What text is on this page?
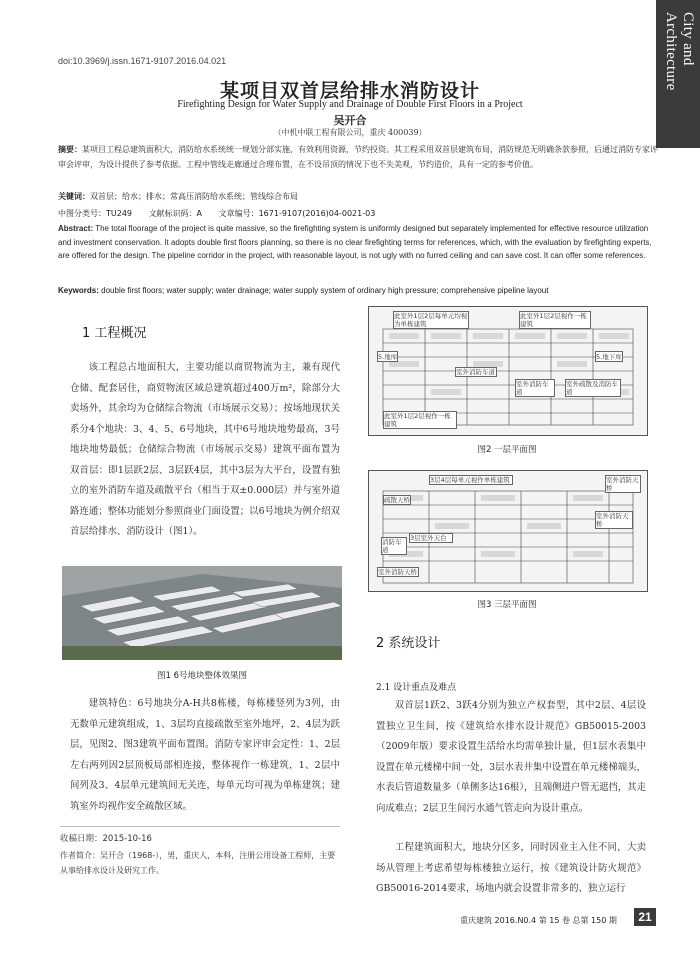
doi:10.3969/j.issn.1671-9107.2016.04.021	City and Architecture
某项目双首层给排水消防设计
Firefighting Design for Water Supply and Drainage of Double First Floors in a Project
吴开合
（中机中联工程有限公司，重庆 400039）
摘要：某项目工程总建筑面积大，消防给水系统统一规划分部实施，有效利用资源，节约投资。其工程采用双首层建筑布局，消防规范无明确条款参照，后通过消防专家评审会评审，为设计提供了参考依据。工程中管线走廊通过合理布置，在不设吊顶的情况下也不失美观，节约造价，具有一定的参考价值。
关键词：双首层；给水；排水；常高压消防给水系统；管线综合布局
中图分类号：TU249 文献标识码：A 文章编号：1671-9107(2016)04-0021-03
Abstract: The total floorage of the project is quite massive, so the firefighting system is uniformly designed but separately implemented for effective resource utilization and investment conservation. It adopts double first floors planning, so there is no clear firefighting terms for references, which, with the evaluation by firefighting experts, are offered for the design. The pipeline corridor in the project, with reasonable layout, is not ugly with no furred ceiling and can save cost. It can offer some references.
Keywords: double first floors; water supply; water drainage; water supply system of ordinary high pressure; comprehensive pipeline layout
1 工程概况

该工程总占地面积大，主要功能以商贸物流为主，兼有现代仓储、配套居住，商贸物流区域总建筑超过400万m²，除部分大卖场外，其余均为仓储综合物流（市场展示交易）；按场地现状关系分4个地块：3、4、5、6号地块，其中6号地块地势最高，3号地块地势最低；仓储综合物流（市场展示交易）建筑平面布置为双首层：即1层跃2层、3层跃4层，其中3层为大平台，设置有独立的室外消防车道及疏散平台（相当于双±0.000层）并与室外道路连通；整体功能划分参照商业门面设置；以6号地块为例介绍双首层给排水、消防设计（图1）。

图1 6号地块整体效果图

建筑特色：6号地块分A-H共8栋楼，每栋楼竖列为3列，由无数单元建筑组成，1、3层均直接疏散至室外地坪，2、4层为跃层，见图2、图3建筑平面布置图。消防专家评审会定性：1、2层左右两列因2层顶板局部相连接，整体视作一栋建筑，1、2层中间列及3、4层单元建筑间无关连，每单元均可视为单栋建筑；建筑室外均视作安全疏散区域。

收稿日期：2015-10-16
作者简介：吴开合（1968-），男，重庆人，本科，注册公用设备工程师，主要从事给排水设计及研究工作。
此室外1层2层每单元均视为单栋建筑
此室外1层2层视作一栋建筑
5.地库	5.地下库
室外消防车道
室外消防车道
室外疏散及消防车道
此室外1层2层视作一栋建筑
图2 一层平面图
3层4层每单元视作单栋建筑	室外消防天桥
疏散天桥
室外消防天桥
3层室外天台
消防车道
室外消防天桥
图3 三层平面图
2 系统设计
2.1 设计重点及难点

双首层1跃2、3跃4分别为独立产权套型，其中2层、4层设置独立卫生间，按《建筑给水排水设计规范》GB50015-2003（2009年版）要求设置生活给水均需单独计量，但1层水表集中设置在单元楼梯中间一处，3层水表井集中设置在单元楼梯端头，水表后管道数量多（单侧多达16根），且端侧进户管无遮挡，其走向成难点；2层卫生间污水通气管走向为设计重点。

工程建筑面积大，地块分区多，同时因业主入住不同，大卖场从管理上考虑希望每栋楼独立运行，按《建筑设计防火规范》GB50016-2014要求，场地内就会设置非常多的、独立运行

重庆建筑 2016.N0.4 第 15 卷 总第 150 期	21
